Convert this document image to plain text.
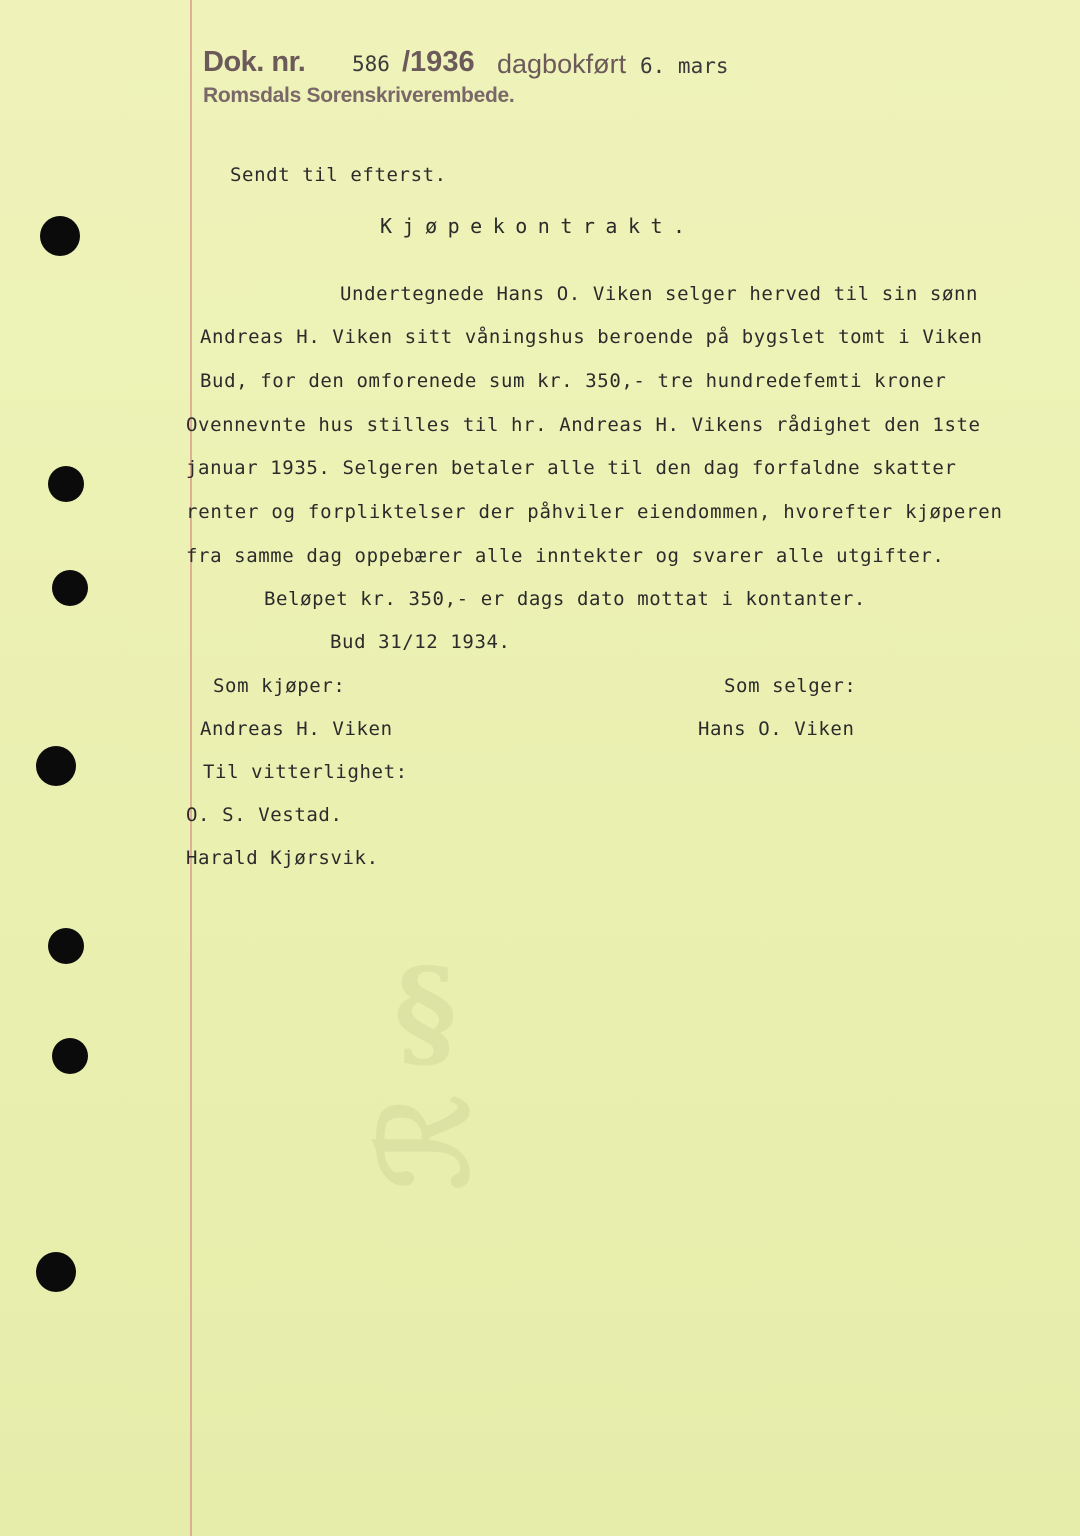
ℛ⁠§
Dok. nr. 586 /1936 dagbokført 6. mars
Romsdals Sorenskriverembede.
Sendt til efterst.
Kjøpekontrakt.
Undertegnede Hans O. Viken selger herved til sin sønn
Andreas H. Viken sitt våningshus beroende på bygslet tomt i Viken
Bud, for den omforenede sum kr. 350,- tre hundredefemti kroner
Ovennevnte hus stilles til hr. Andreas H. Vikens rådighet den 1ste
januar 1935. Selgeren betaler alle til den dag forfaldne skatter
renter og forpliktelser der påhviler eiendommen, hvorefter kjøperen
fra samme dag oppebærer alle inntekter og svarer alle utgifter.
Beløpet kr. 350,- er dags dato mottat i kontanter.
Bud 31/12 1934.
Som kjøper:	Som selger:
Andreas H. Viken	Hans O. Viken
Til vitterlighet:
O. S. Vestad.
Harald Kjørsvik.
